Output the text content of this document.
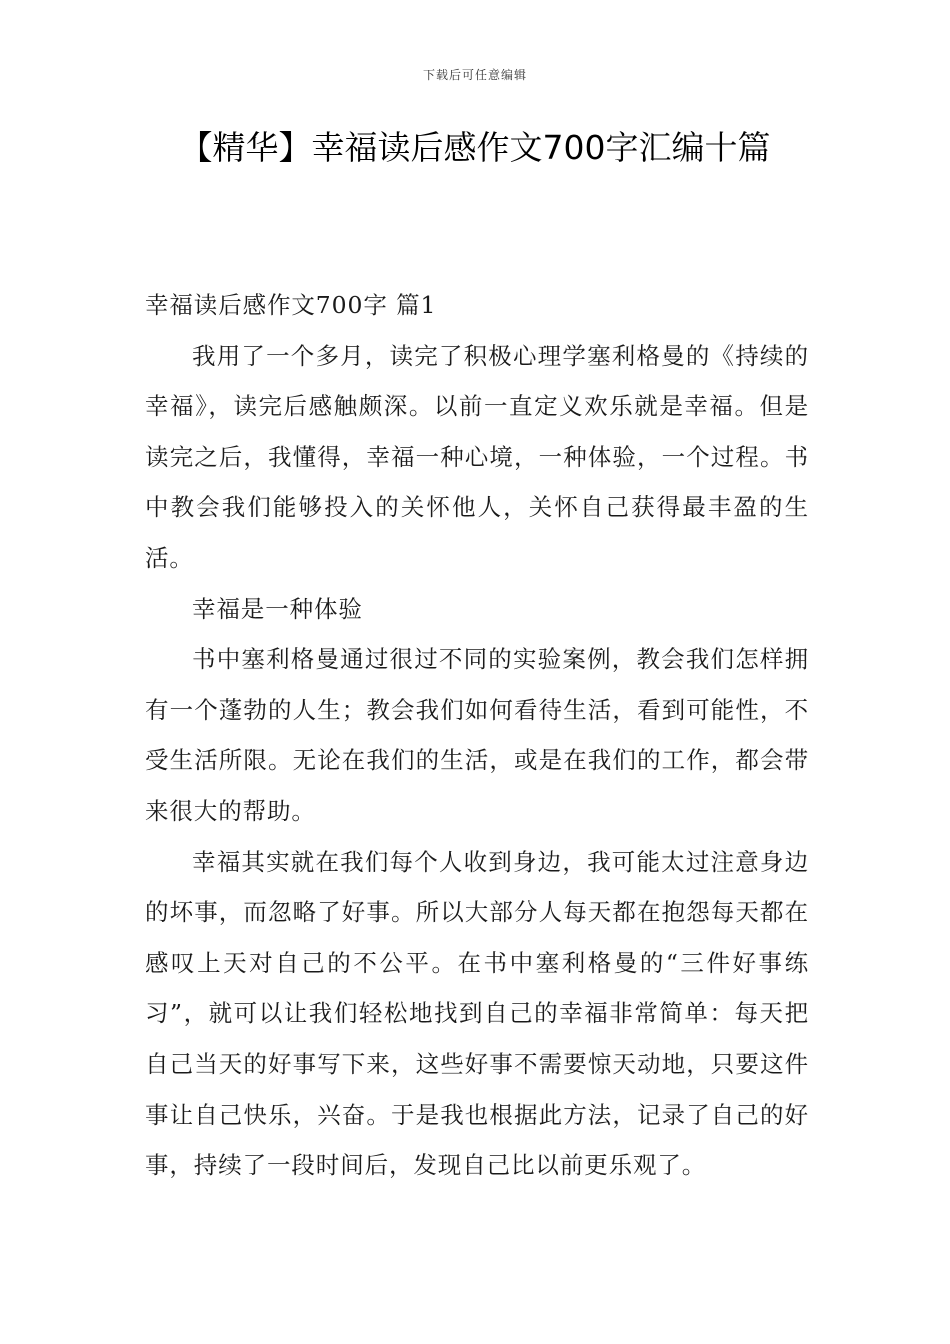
下载后可任意编辑
【精华】幸福读后感作文700字汇编十篇

幸福读后感作文700字 篇1

我用了一个多月，读完了积极心理学塞利格曼的《持续的幸福》，读完后感触颇深。以前一直定义欢乐就是幸福。但是读完之后，我懂得，幸福一种心境，一种体验，一个过程。书中教会我们能够投入的关怀他人，关怀自己获得最丰盈的生活。

幸福是一种体验

书中塞利格曼通过很过不同的实验案例，教会我们怎样拥有一个蓬勃的人生；教会我们如何看待生活，看到可能性，不受生活所限。无论在我们的生活，或是在我们的工作，都会带来很大的帮助。

幸福其实就在我们每个人收到身边，我可能太过注意身边的坏事，而忽略了好事。所以大部分人每天都在抱怨每天都在感叹上天对自己的不公平。在书中塞利格曼的“三件好事练习”，就可以让我们轻松地找到自己的幸福非常简单：每天把自己当天的好事写下来，这些好事不需要惊天动地，只要这件事让自己快乐，兴奋。于是我也根据此方法，记录了自己的好事，持续了一段时间后，发现自己比以前更乐观了。
